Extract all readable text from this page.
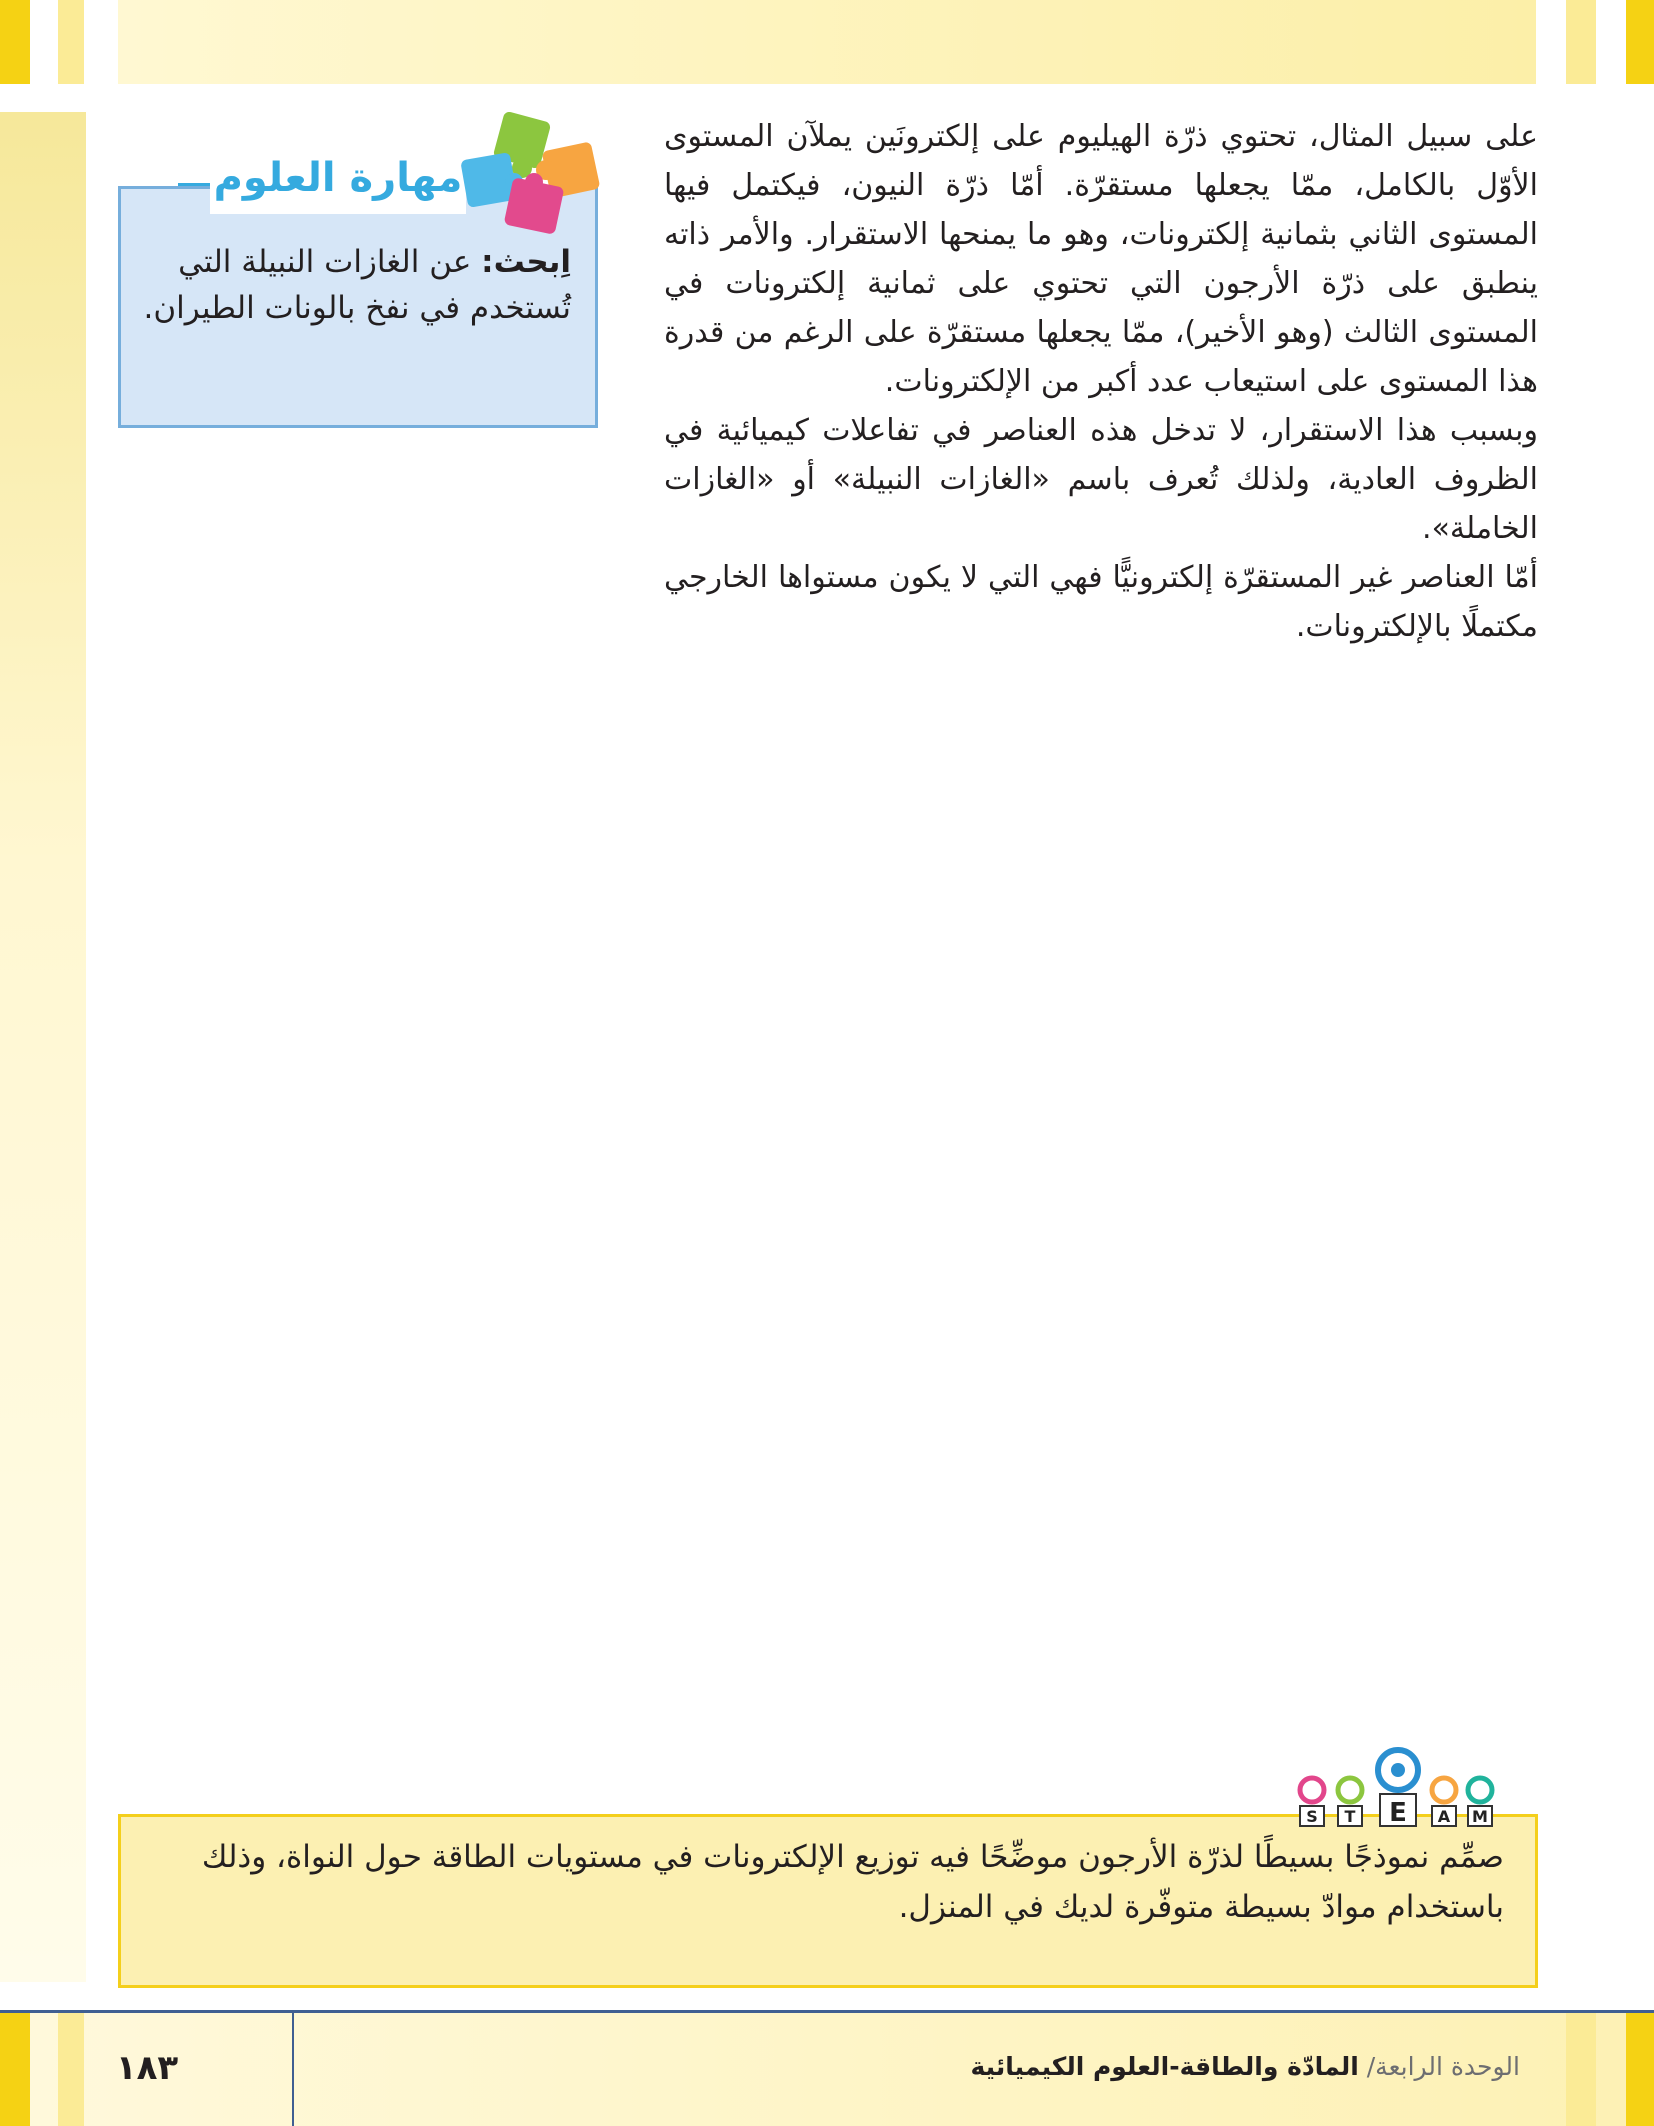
على سبيل المثال، تحتوي ذرّة الهيليوم على إلكترونَين يملآن المستوى الأوّل بالكامل، ممّا يجعلها مستقرّة. أمّا ذرّة النيون، فيكتمل فيها المستوى الثاني بثمانية إلكترونات، وهو ما يمنحها الاستقرار. والأمر ذاته ينطبق على ذرّة الأرجون التي تحتوي على ثمانية إلكترونات في المستوى الثالث (وهو الأخير)، ممّا يجعلها مستقرّة على الرغم من قدرة هذا المستوى على استيعاب عدد أكبر من الإلكترونات.

وبسبب هذا الاستقرار، لا تدخل هذه العناصر في تفاعلات كيميائية في الظروف العادية، ولذلك تُعرف باسم «الغازات النبيلة» أو «الغازات الخاملة».

أمّا العناصر غير المستقرّة إلكترونيًّا فهي التي لا يكون مستواها الخارجي مكتملًا بالإلكترونات.

اِبحث: عن الغازات النبيلة التي تُستخدم في نفخ بالونات الطيران.
مهارة العلوم
S T E A M
صمِّم نموذجًا بسيطًا لذرّة الأرجون موضِّحًا فيه توزيع الإلكترونات في مستويات الطاقة حول النواة، وذلك باستخدام موادّ بسيطة متوفّرة لديك في المنزل.
١٨٣	الوحدة الرابعة/ المادّة والطاقة-العلوم الكيميائية
